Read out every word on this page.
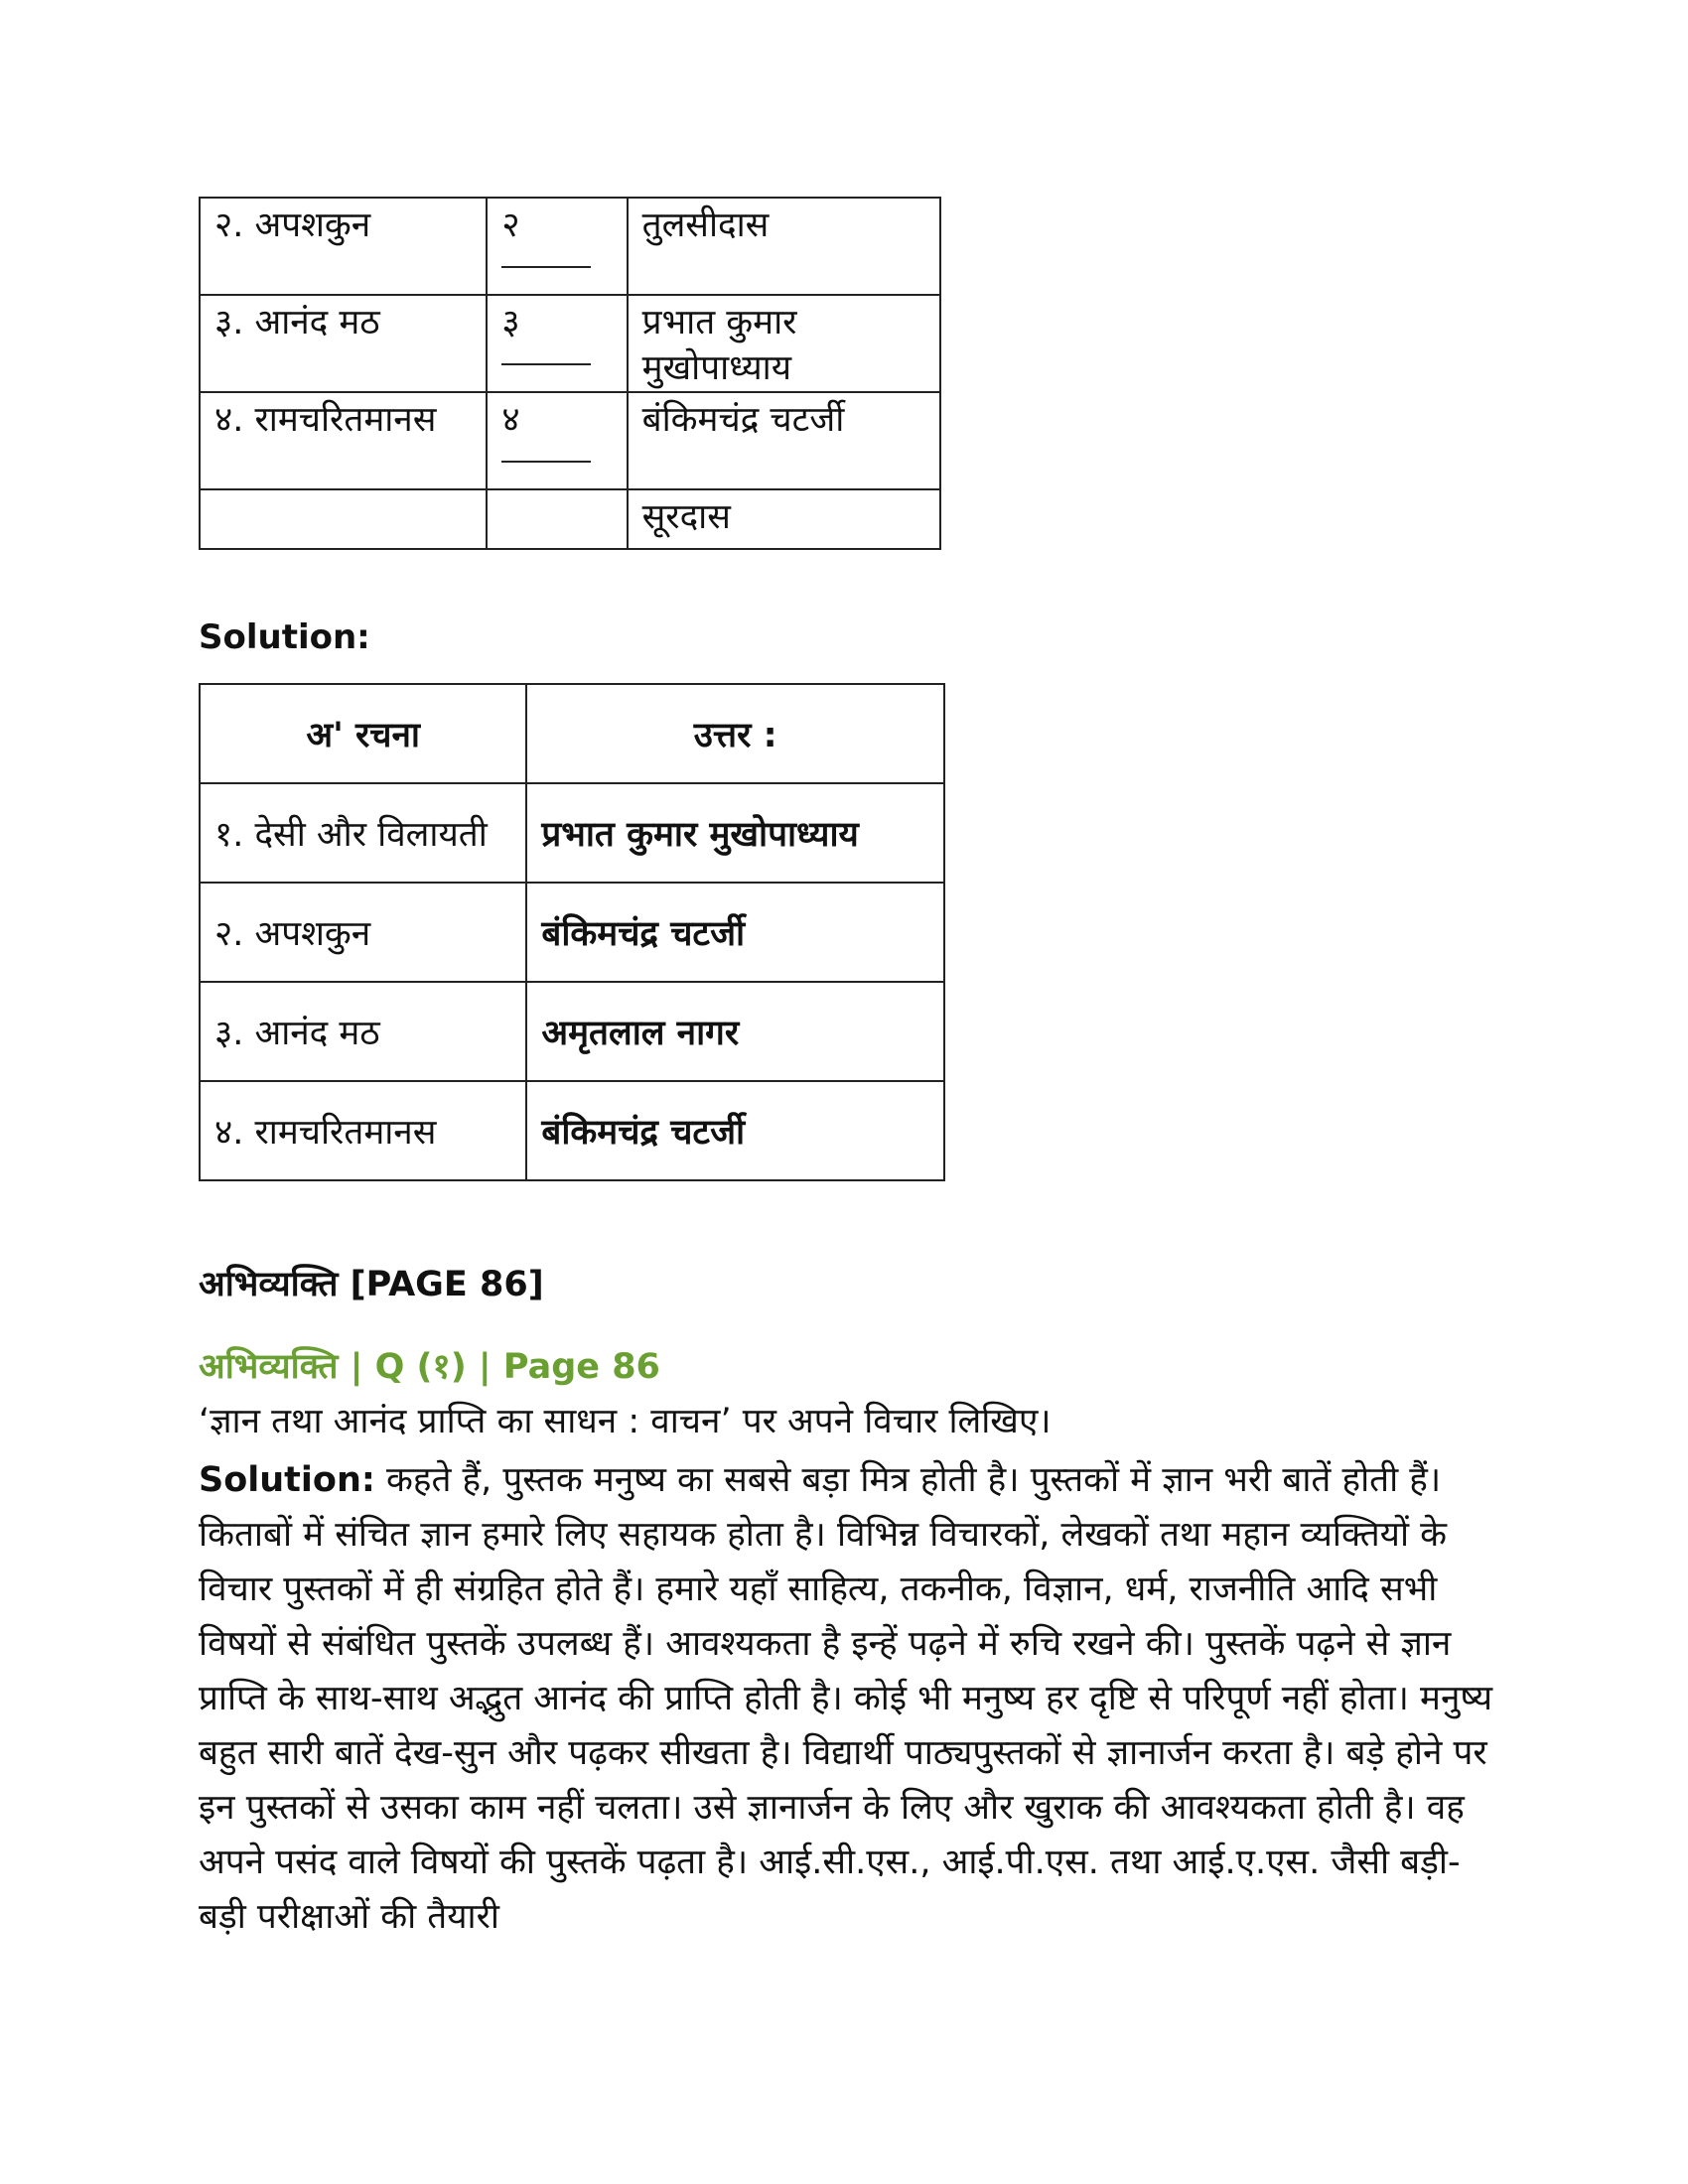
२. अपशकुन	२	तुलसीदास
३. आनंद मठ	३	प्रभात कुमार मुखोपाध्याय
४. रामचरितमानस	४	बंकिमचंद्र चटर्जी
		सूरदास
Solution:
अ' रचना	उत्तर :
१. देसी और विलायती	प्रभात कुमार मुखोपाध्याय
२. अपशकुन	बंकिमचंद्र चटर्जी
३. आनंद मठ	अमृतलाल नागर
४. रामचरितमानस	बंकिमचंद्र चटर्जी
अभिव्यक्ति [PAGE 86]
अभिव्यक्ति | Q (१) | Page 86
‘ज्ञान तथा आनंद प्राप्ति का साधन : वाचन’ पर अपने विचार लिखिए।
Solution: कहते हैं, पुस्तक मनुष्य का सबसे बड़ा मित्र होती है। पुस्तकों में ज्ञान भरी बातें होती हैं। किताबों में संचित ज्ञान हमारे लिए सहायक होता है। विभिन्न विचारकों, लेखकों तथा महान व्यक्तियों के विचार पुस्तकों में ही संग्रहित होते हैं। हमारे यहाँ साहित्य, तकनीक, विज्ञान, धर्म, राजनीति आदि सभी विषयों से संबंधित पुस्तकें उपलब्ध हैं। आवश्यकता है इन्हें पढ़ने में रुचि रखने की। पुस्तकें पढ़ने से ज्ञान प्राप्ति के साथ-साथ अद्भुत आनंद की प्राप्ति होती है। कोई भी मनुष्य हर दृष्टि से परिपूर्ण नहीं होता। मनुष्य बहुत सारी बातें देख-सुन और पढ़कर सीखता है। विद्यार्थी पाठ्यपुस्तकों से ज्ञानार्जन करता है। बड़े होने पर इन पुस्तकों से उसका काम नहीं चलता। उसे ज्ञानार्जन के लिए और खुराक की आवश्यकता होती है। वह अपने पसंद वाले विषयों की पुस्तकें पढ़ता है। आई.सी.एस., आई.पी.एस. तथा आई.ए.एस. जैसी बड़ी-बड़ी परीक्षाओं की तैयारी
